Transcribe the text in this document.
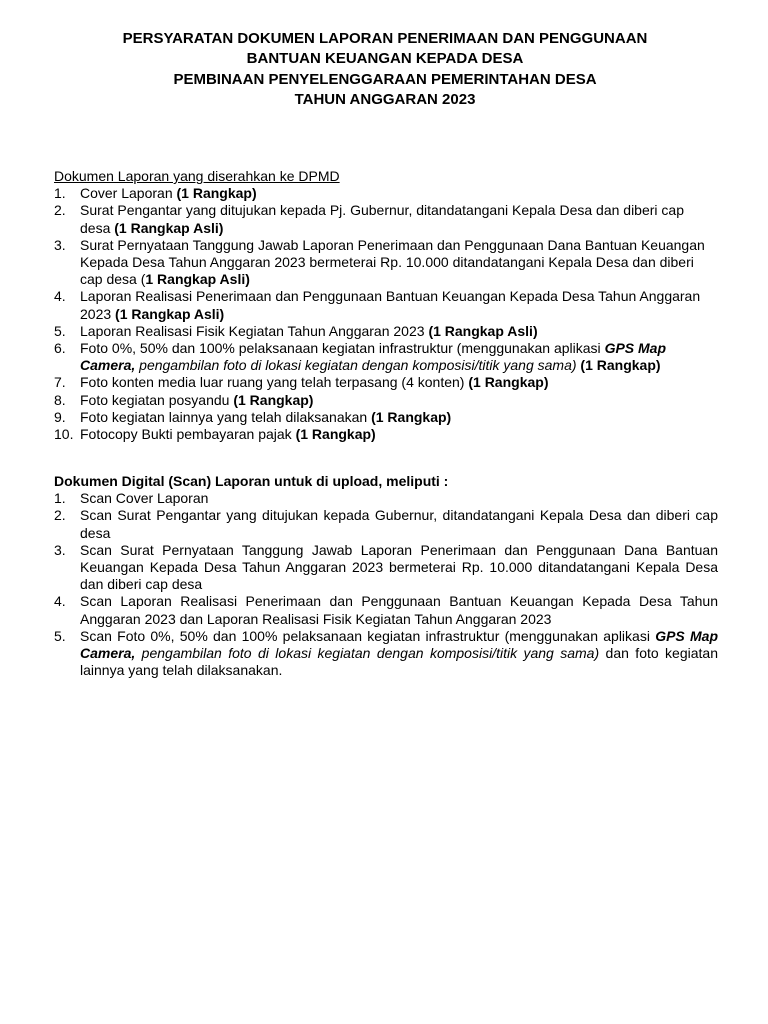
PERSYARATAN DOKUMEN LAPORAN PENERIMAAN DAN PENGGUNAAN
BANTUAN KEUANGAN KEPADA DESA
PEMBINAAN PENYELENGGARAAN PEMERINTAHAN DESA
TAHUN ANGGARAN 2023
Dokumen Laporan yang diserahkan ke DPMD
1.	Cover Laporan (1 Rangkap)
2.	Surat Pengantar yang ditujukan kepada Pj. Gubernur, ditandatangani Kepala Desa dan diberi cap desa (1 Rangkap Asli)
3.	Surat Pernyataan Tanggung Jawab Laporan Penerimaan dan Penggunaan Dana Bantuan Keuangan Kepada Desa Tahun Anggaran 2023 bermeterai Rp. 10.000 ditandatangani Kepala Desa dan diberi cap desa (1 Rangkap Asli)
4.	Laporan Realisasi Penerimaan dan Penggunaan Bantuan Keuangan Kepada Desa Tahun Anggaran 2023 (1 Rangkap Asli)
5.	Laporan Realisasi Fisik Kegiatan Tahun Anggaran 2023 (1 Rangkap Asli)
6.	Foto 0%, 50% dan 100% pelaksanaan kegiatan infrastruktur (menggunakan aplikasi GPS Map Camera, pengambilan foto di lokasi kegiatan dengan komposisi/titik yang sama) (1 Rangkap)
7.	Foto konten media luar ruang yang telah terpasang (4 konten) (1 Rangkap)
8.	Foto kegiatan posyandu (1 Rangkap)
9.	Foto kegiatan lainnya yang telah dilaksanakan (1 Rangkap)
10. Fotocopy Bukti pembayaran pajak (1 Rangkap)
Dokumen Digital (Scan) Laporan untuk di upload, meliputi :
1.	Scan Cover Laporan
2.	Scan Surat Pengantar yang ditujukan kepada Gubernur, ditandatangani Kepala Desa dan diberi cap desa
3.	Scan Surat Pernyataan Tanggung Jawab Laporan Penerimaan dan Penggunaan Dana Bantuan Keuangan Kepada Desa Tahun Anggaran 2023 bermeterai Rp. 10.000 ditandatangani Kepala Desa dan diberi cap desa
4.	Scan Laporan Realisasi Penerimaan dan Penggunaan Bantuan Keuangan Kepada Desa Tahun Anggaran 2023 dan Laporan Realisasi Fisik Kegiatan Tahun Anggaran 2023
5.	Scan Foto 0%, 50% dan 100% pelaksanaan kegiatan infrastruktur (menggunakan aplikasi GPS Map Camera, pengambilan foto di lokasi kegiatan dengan komposisi/titik yang sama) dan foto kegiatan lainnya yang telah dilaksanakan.
